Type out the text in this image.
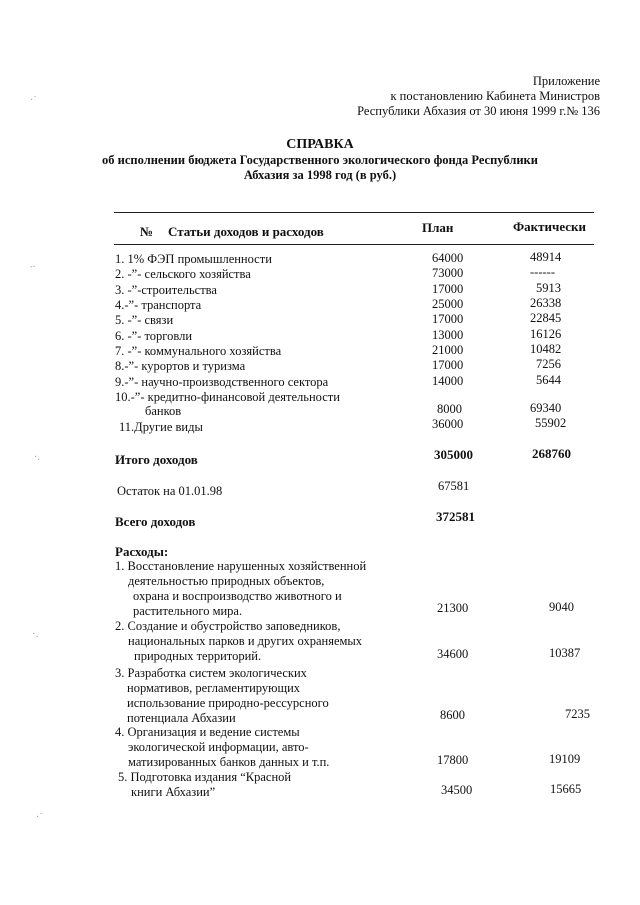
·˙
∙·
·.
˙·
·˙
Приложение
к постановлению Кабинета Министров
Республики Абхазия от 30 июня 1999 г.№ 136
СПРАВКА
об исполнении бюджета Государственного экологического фонда Республики
Абхазия за 1998 год (в руб.)
№ Статьи доходов и расходов	План	Фактически
1. 1% ФЭП промышленности	64000	48914
2. -”- сельского хозяйства	73000	------
3. -”-строительства	17000	5913
4.-”- транспорта	25000	26338
5. -”- связи	17000	22845
6. -”- торговли	13000	16126
7. -”- коммунального хозяйства	21000	10482
8.-”- курортов и туризма	17000	7256
9.-”- научно-производственного сектора	14000	5644
10.-”- кредитно-финансовой деятельности
банков	8000	69340
11.Другие виды	36000	55902
Итого доходов	305000	268760
Остаток на 01.01.98	67581
Всего доходов	372581
Расходы:
1. Восстановление нарушенных хозяйственной
деятельностью природных объектов,
охрана и воспроизводство животного и
растительного мира.	21300	9040
2. Создание и обустройство заповедников,
национальных парков и других охраняемых
природных территорий.	34600	10387
3. Разработка систем экологических
нормативов, регламентирующих
использование природно-рессурсного
потенциала Абхазии	8600	7235
4. Организация и ведение системы
экологической информации, авто-
матизированных банков данных и т.п.	17800	19109
5. Подготовка издания “Красной
книги Абхазии”	34500	15665
